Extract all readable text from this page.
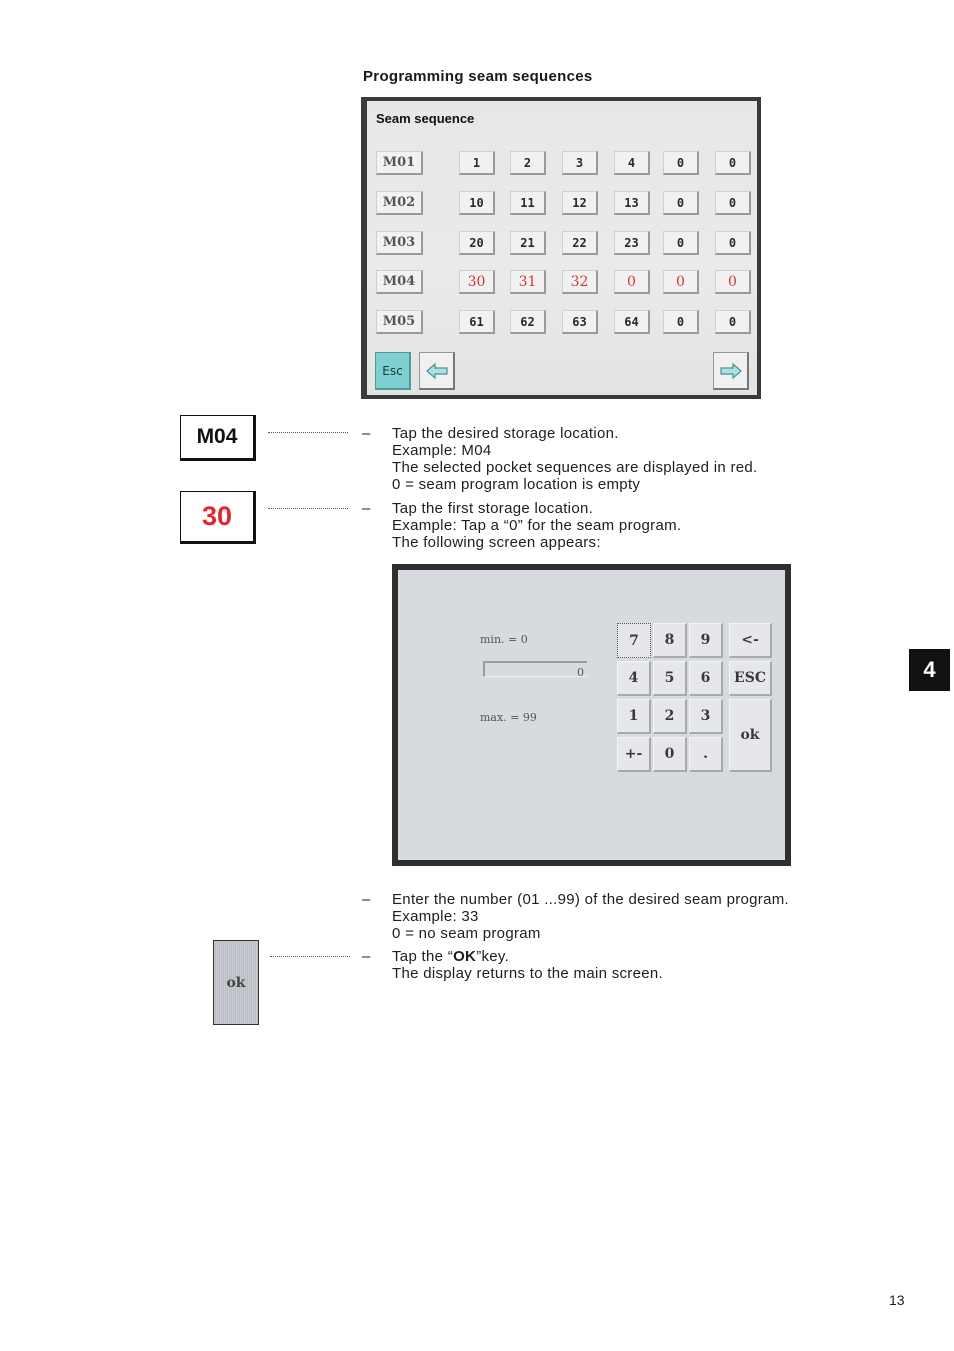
Programming seam sequences
Seam sequence
M01	1	2	3	4	0	0
M02	10	11	12	13	0	0
M03	20	21	22	23	0	0
M04	30	31	32	0	0	0
M05	61	62	63	64	0	0
Esc
M04	– Tap the desired storage location.
Example: M04
The selected pocket sequences are displayed in red.
0 = seam program location is empty
30	– Tap the first storage location.
Example: Tap a “0” for the seam program.
The following screen appears:
min. = 0
0
max. = 99
7	8	9	<-
4	5	6	ESC
1	2	3
ok
+-	0	.
4
– Enter the number (01 ...99) of the desired seam program.
Example: 33
0 = no seam program
ok
– Tap the “OK”key.
The display returns to the main screen.
13
